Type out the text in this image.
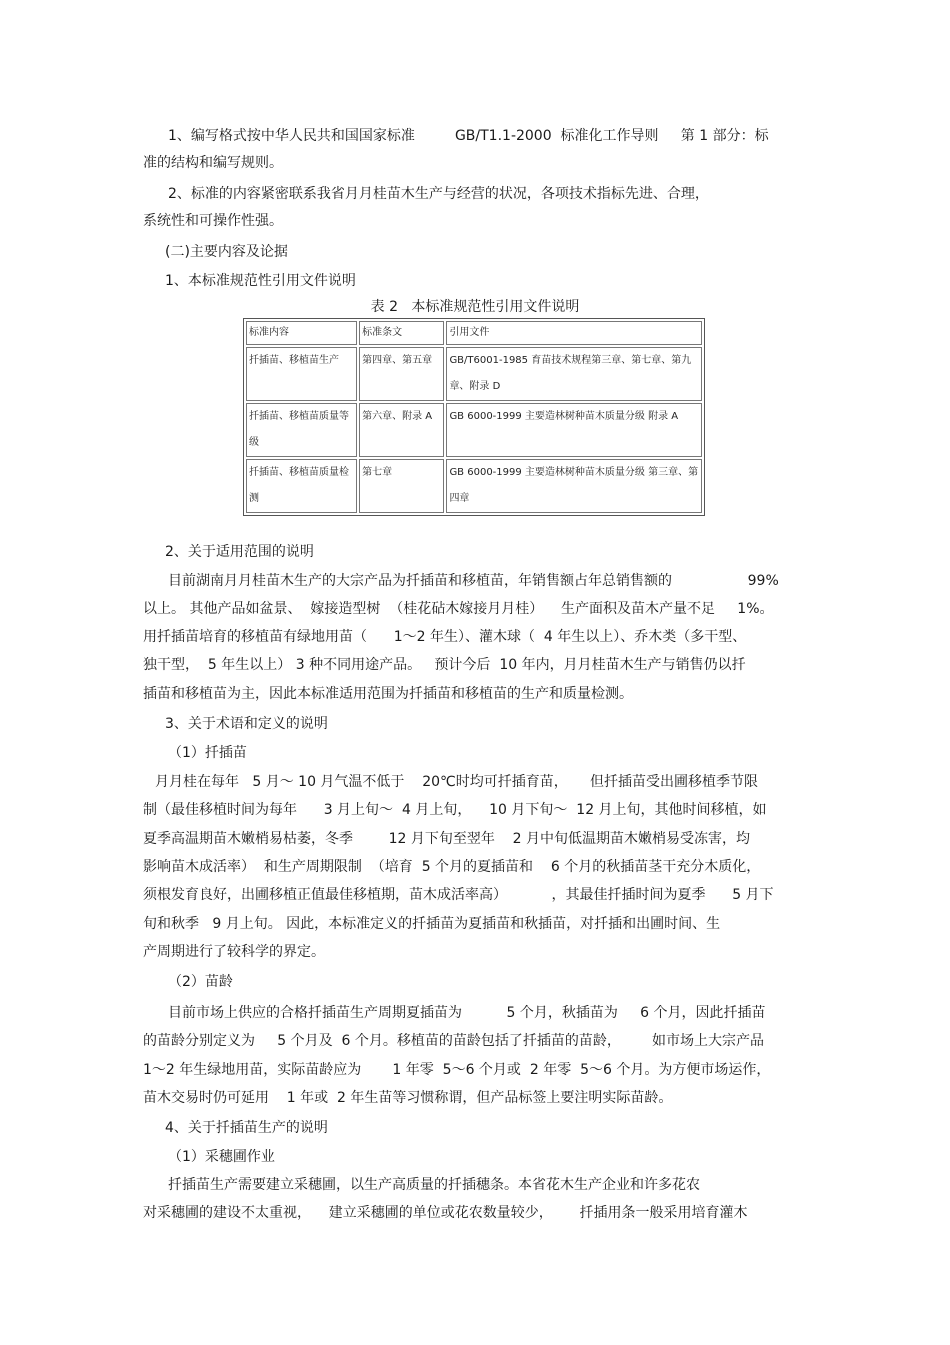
1、编写格式按中华人民共和国国家标准         GB/T1.1-2000  标准化工作导则     第 1 部分：标
准的结构和编写规则。
2、标准的内容紧密联系我省月月桂苗木生产与经营的状况，各项技术指标先进、合理，
系统性和可操作性强。
(二)主要内容及论据
1、本标准规范性引用文件说明
表 2   本标准规范性引用文件说明
标准内容	标准条文	引用文件
扦插苗、移植苗生产	第四章、第五章	GB/T6001-1985 育苗技术规程第三章、第七章、第九章、附录 D
扦插苗、移植苗质量等级	第六章、附录 A	GB 6000-1999 主要造林树种苗木质量分级 附录 A
扦插苗、移植苗质量检测	第七章	GB 6000-1999 主要造林树种苗木质量分级 第三章、第四章
2、关于适用范围的说明
目前湖南月月桂苗木生产的大宗产品为扦插苗和移植苗，年销售额占年总销售额的                 99%
以上。 其他产品如盆景、  嫁接造型树  （桂花砧木嫁接月月桂）    生产面积及苗木产量不足     1%。
用扦插苗培育的移植苗有绿地用苗（      1～2 年生）、灌木球（  4 年生以上）、乔木类（多干型、
独干型，  5 年生以上） 3 种不同用途产品。   预计今后  10 年内，月月桂苗木生产与销售仍以扦
插苗和移植苗为主，因此本标准适用范围为扦插苗和移植苗的生产和质量检测。
3、关于术语和定义的说明
（1）扦插苗
月月桂在每年   5 月～ 10 月气温不低于    20℃时均可扦插育苗，     但扦插苗受出圃移植季节限
制（最佳移植时间为每年      3 月上旬～  4 月上旬，    10 月下旬～  12 月上旬，其他时间移植，如
夏季高温期苗木嫩梢易枯萎，冬季        12 月下旬至翌年    2 月中旬低温期苗木嫩梢易受冻害，均
影响苗木成活率）  和生产周期限制  （培育  5 个月的夏插苗和    6 个月的秋插苗茎干充分木质化，
须根发育良好，出圃移植正值最佳移植期，苗木成活率高）          ，其最佳扦插时间为夏季      5 月下
旬和秋季   9 月上旬。 因此，本标准定义的扦插苗为夏插苗和秋插苗，对扦插和出圃时间、生
产周期进行了较科学的界定。
（2）苗龄
目前市场上供应的合格扦插苗生产周期夏插苗为          5 个月，秋插苗为     6 个月，因此扦插苗
的苗龄分别定义为     5 个月及  6 个月。移植苗的苗龄包括了扦插苗的苗龄，       如市场上大宗产品
1～2 年生绿地用苗，实际苗龄应为       1 年零  5～6 个月或  2 年零  5～6 个月。为方便市场运作，
苗木交易时仍可延用    1 年或  2 年生苗等习惯称谓，但产品标签上要注明实际苗龄。
4、关于扦插苗生产的说明
（1）采穗圃作业
扦插苗生产需要建立采穗圃，以生产高质量的扦插穗条。本省花木生产企业和许多花农
对采穗圃的建设不太重视，    建立采穗圃的单位或花农数量较少，      扦插用条一般采用培育灌木
